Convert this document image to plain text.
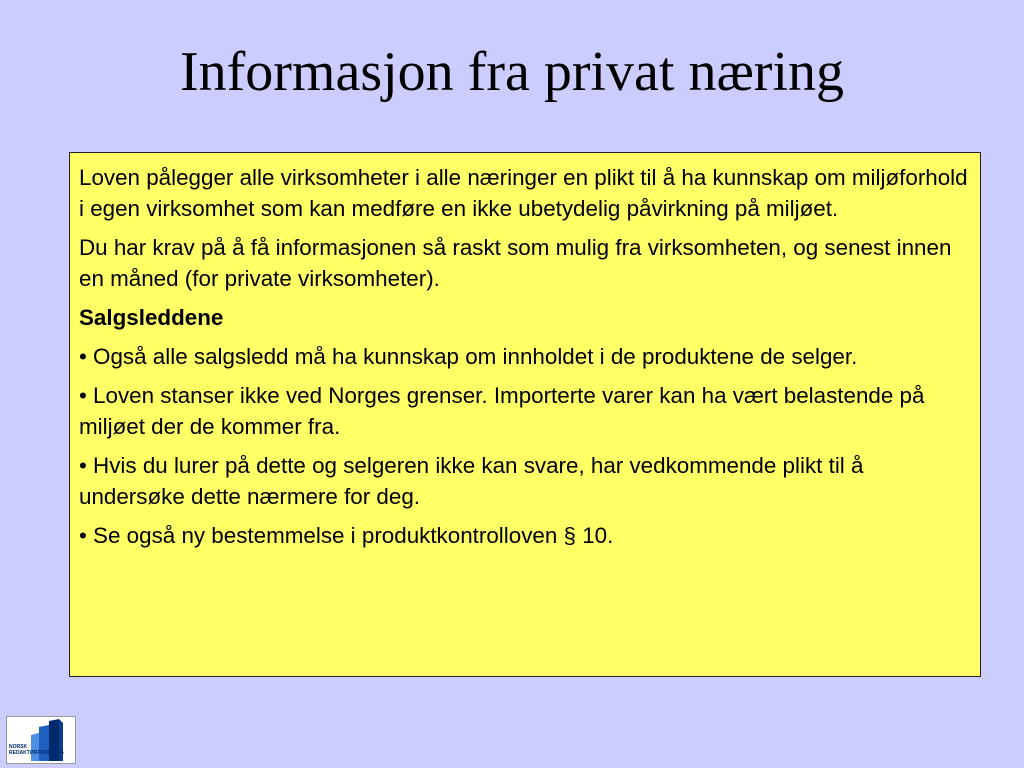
Informasjon fra privat næring

Loven pålegger alle virksomheter i alle næringer en plikt til å ha kunnskap om miljøforhold i egen virksomhet som kan medføre en ikke ubetydelig påvirkning på miljøet.

Du har krav på å få informasjonen så raskt som mulig fra virksomheten, og senest innen en måned (for private virksomheter).

Salgsleddene

• Også alle salgsledd må ha kunnskap om innholdet i de produktene de selger.

• Loven stanser ikke ved Norges grenser. Importerte varer kan ha vært belastende på miljøet der de kommer fra.

• Hvis du lurer på dette og selgeren ikke kan svare, har vedkommende plikt til å undersøke dette nærmere for deg.

• Se også ny bestemmelse i produktkontrolloven § 10.

NORSK
REDAKTØRFORENING
